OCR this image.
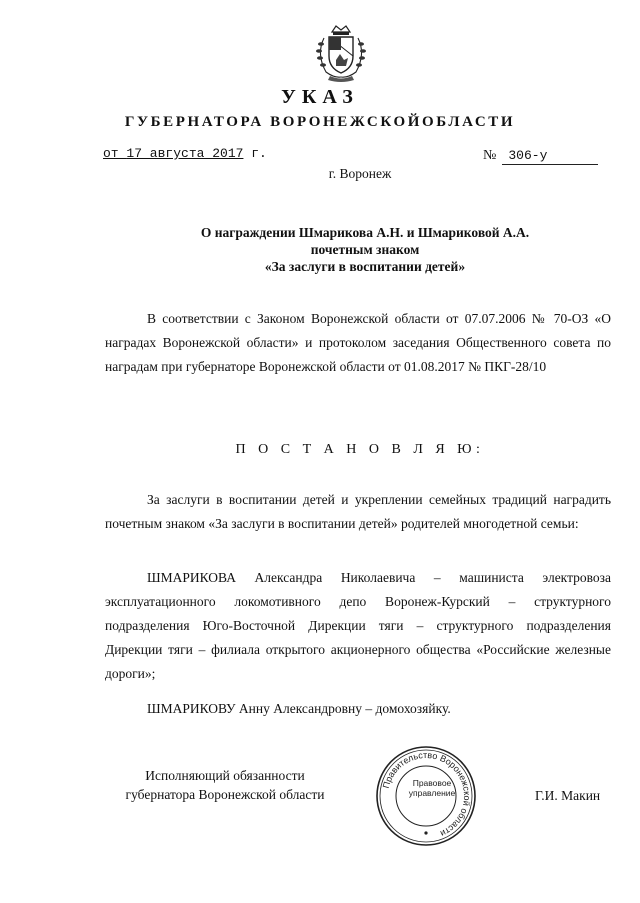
УКАЗ
ГУБЕРНАТОРА ВОРОНЕЖСКОЙОБЛАСТИ
от 17 августа 2017 г.	№ 306-у
г. Воронеж
О награждении Шмарикова А.Н. и Шмариковой А.А.
почетным знаком
«За заслуги в воспитании детей»
В соответствии с Законом Воронежской области от 07.07.2006 № 70-ОЗ «О наградах Воронежской области» и протоколом заседания Общественного совета по наградам при губернаторе Воронежской области от 01.08.2017 № ПКГ-28/10
П О С Т А Н О В Л Я Ю:
За заслуги в воспитании детей и укреплении семейных традиций наградить почетным знаком «За заслуги в воспитании детей» родителей многодетной семьи:
ШМАРИКОВА Александра Николаевича – машиниста электровоза эксплуатационного локомотивного депо Воронеж-Курский – структурного подразделения Юго-Восточной Дирекции тяги – структурного подразделения Дирекции тяги – филиала открытого акционерного общества «Российские железные дороги»;
ШМАРИКОВУ Анну Александровну – домохозяйку.
Исполняющий обязанности
губернатора Воронежской области
Правительство Воронежской области
Правовое
управление	Г.И. Макин
